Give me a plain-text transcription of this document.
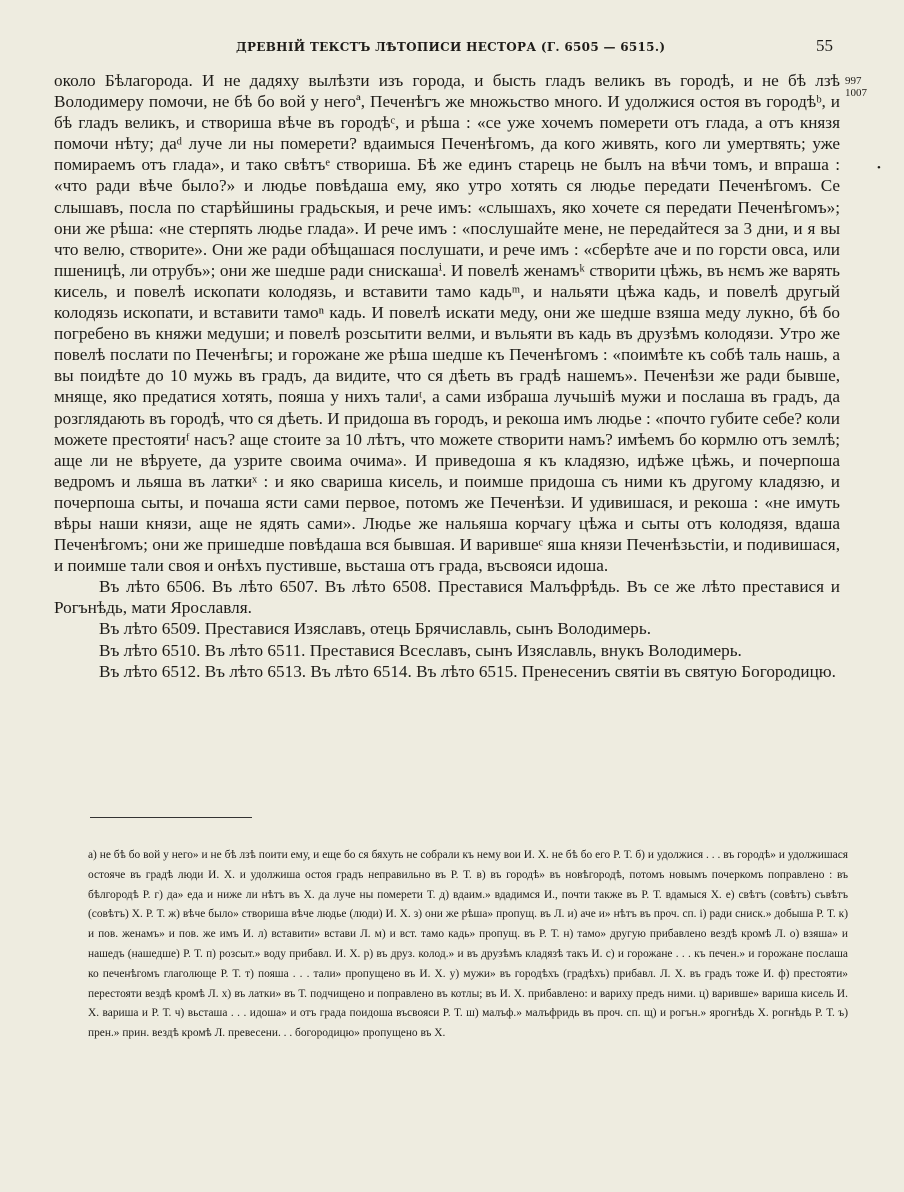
ДРЕВНІЙ ТЕКСТЪ ЛѢТОПИСИ НЕСТОРА (Г. 6505 — 6515.)	55
997
1007
•

около Бѣлагорода. И не дадяху вылѣзти изъ города, и бысть гладъ великъ въ городѣ, и не бѣ лзѣ Володимеру помочи, не бѣ бо вой у негоª, Печенѣгъ же множьство много. И удолжися остоя въ городѣᵇ, и бѣ гладъ великъ, и створиша вѣче въ городѣᶜ, и рѣша : «се уже хочемъ померети отъ глада, а отъ князя помочи нѣту; даᵈ луче ли ны померети? вдаимыся Печенѣгомъ, да кого живять, кого ли умертвять; уже помираемъ отъ глада», и тако свѣтъᵉ створиша. Бѣ же единъ старець не былъ на вѣчи томъ, и впраша : «что ради вѣче было?» и людье повѣдаша ему, яко утро хотять ся людье передати Печенѣгомъ. Се слышавъ, посла по старѣйшины градьскыя, и рече имъ: «слышахъ, яко хочете ся передати Печенѣгомъ»; они же рѣша: «не стерпять людье глада». И рече имъ : «послушайте мене, не передайтеся за 3 дни, и я вы что велю, створите». Они же ради обѣщашася послушати, и рече имъ : «сберѣте аче и по горсти овса, или пшеницѣ, ли отрубъ»; они же шедше ради снискашаⁱ. И повелѣ женамъᵏ створити цѣжь, въ нємъ же варять кисель, и повелѣ ископати колодязь, и вставити тамо кадьᵐ, и нальяти цѣжа кадь, и повелѣ другый колодязь ископати, и вставити тамоⁿ кадь. И повелѣ искати меду, они же шедше взяша меду лукно, бѣ бо погребено въ княжи медуши; и повелѣ розсытити велми, и въльяти въ кадь въ друзѣмъ колодязи. Утро же повелѣ послати по Печенѣгы; и горожане же рѣша шедше къ Печенѣгомъ : «поимѣте къ собѣ таль нашь, а вы поидѣте до 10 мужь въ градъ, да видите, что ся дѣеть въ градѣ нашемъ». Печенѣзи же ради бывше, мняще, яко предатися хотять, пояша у нихъ талиᵗ, а сами избраша лучьшiѣ мужи и послаша въ градъ, да розглядають въ городѣ, что ся дѣеть. И придоша въ городъ, и рекоша имъ людье : «почто губите себе? коли можете престоятиᶠ насъ? аще стоите за 10 лѣтъ, что можете створити намъ? имѣемъ бо кормлю отъ землѣ; аще ли не вѣруете, да узрите своима очима». И приведоша я къ кладязю, идѣже цѣжь, и почерпоша ведромъ и льяша въ латкиˣ : и яко свариша кисель, и поимше придоша съ ними къ другому кладязю, и почерпоша сыты, и почаша ясти сами первое, потомъ же Печенѣзи. И удивишася, и рекоша : «не имуть вѣры наши князи, аще не ядять сами». Людье же нальяша корчагу цѣжа и сыты отъ колодязя, вдаша Печенѣгомъ; они же пришедше повѣдаша вся бывшая. И варившеᶜ яша князи Печенѣзьстiи, и подивишася, и поимше тали своя и онѣхъ пустивше, вьсташа отъ града, въсвояси идоша.

Въ лѣто 6506. Въ лѣто 6507. Въ лѣто 6508. Преставися Малъфрѣдь. Въ се же лѣто преставися и Рогънѣдь, мати Ярославля.

Въ лѣто 6509. Преставися Изяславъ, отець Брячиславль, сынъ Володимерь.

Въ лѣто 6510. Въ лѣто 6511. Преставися Всеславъ, сынъ Изяславль, внукъ Володимерь.

Въ лѣто 6512. Въ лѣто 6513. Въ лѣто 6514. Въ лѣто 6515. Пренесениъ святiи въ святую Богородицю.

а) не бѣ бо вой у него» и не бѣ лзѣ поити ему, и еще бо ся бяхуть не собрали къ нему вои И. Х. не бѣ бо его Р. Т. б) и удолжися . . . въ городѣ» и удолжишася остояче въ градѣ люди И. Х. и удолжиша остоя градъ неправильно въ Р. Т. в) въ городѣ» въ новѣгородѣ, потомъ новымъ почеркомъ поправлено : въ бѣлгородѣ Р. г) да» еда и ниже ли нѣтъ въ Х. да луче ны померети Т. д) вдаим.» вдадимся И., почти также въ Р. Т. вдамыся Х. е) свѣтъ (совѣтъ) съвѣтъ (совѣтъ) Х. Р. Т. ж) вѣче было» створиша вѣче людье (люди) И. Х. з) они же рѣша» пропущ. въ Л. и) аче и» нѣтъ въ проч. сп. і) ради сниск.» добыша Р. Т. к) и пов. женамъ» и пов. же имъ И. л) вставити» встави Л. м) и вст. тамо кадь» пропущ. въ Р. Т. н) тамо» другую прибавлено вездѣ кромѣ Л. о) взяша» и нашедъ (нашедше) Р. Т. п) розсыт.» воду прибавл. И. Х. р) въ друз. колод.» и въ друзѣмъ кладязѣ такъ И. с) и горожане . . . къ печен.» и горожане послаша ко печенѣгомъ глаголюще Р. Т. т) пояша . . . тали» пропущено въ И. Х. у) мужи» въ городѣхъ (градѣхъ) прибавл. Л. Х. въ градъ тоже И. ф) престояти» перестояти вездѣ кромѣ Л. х) въ латки» въ Т. подчищено и поправлено въ котлы; въ И. Х. прибавлено: и вариху предъ ними. ц) варивше» вариша кисель И. Х. вариша и Р. Т. ч) вьсташа . . . идоша» и отъ града поидоша въсвояси Р. Т. ш) малъф.» малъфридь въ проч. сп. щ) и рогън.» ярогнѣдь Х. рогнѣдь Р. Т. ъ) прен.» прин. вездѣ кромѣ Л. превесени. . . богородицю» пропущено въ Х.
